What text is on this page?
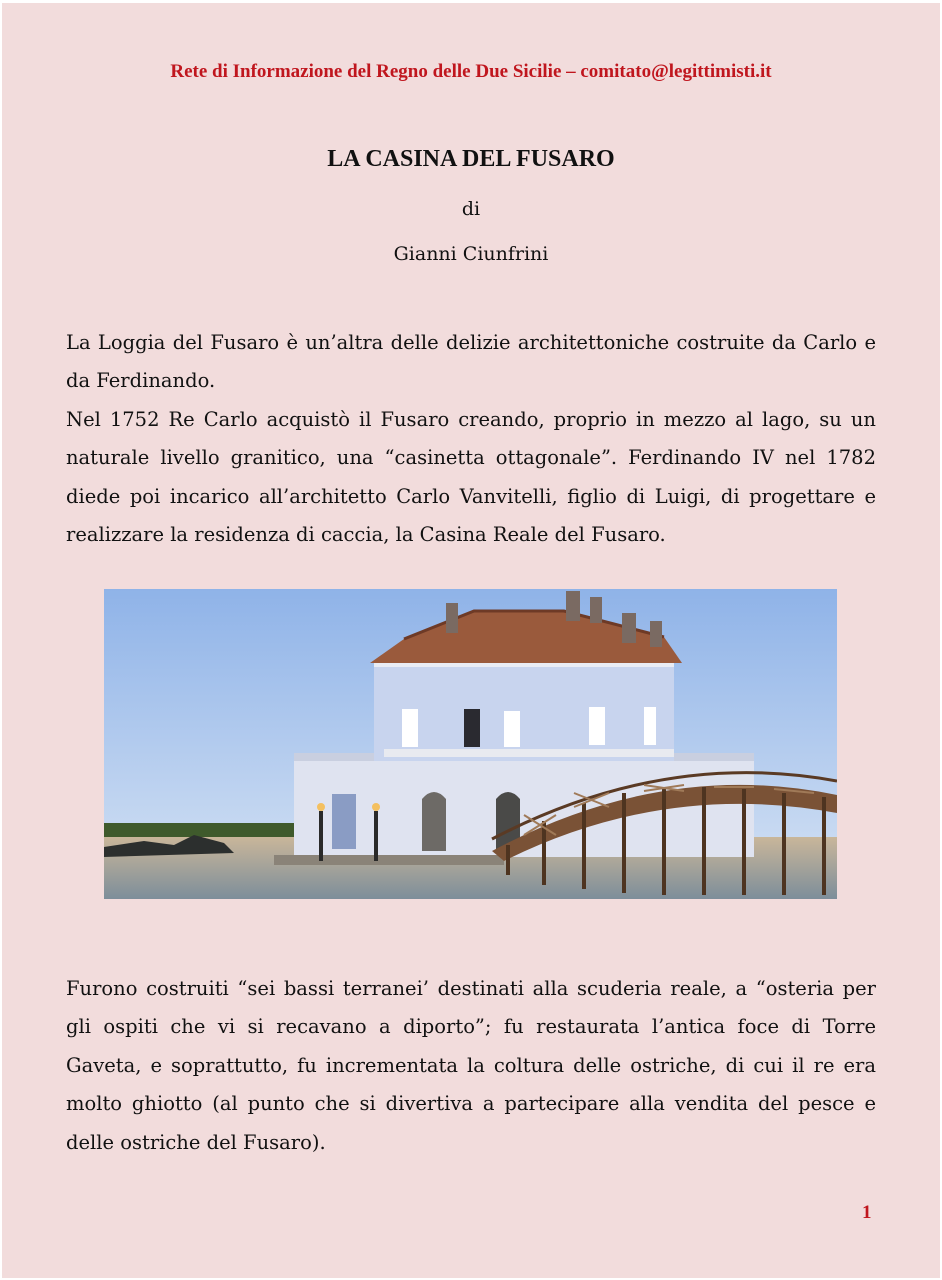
Rete di Informazione del Regno delle Due Sicilie – comitato@legittimisti.it
LA CASINA DEL FUSARO
di
Gianni Ciunfrini
La Loggia del Fusaro è un’altra delle delizie architettoniche costruite da Carlo e da Ferdinando.
Nel 1752 Re Carlo acquistò il Fusaro creando, proprio in mezzo al lago, su un naturale livello granitico, una “casinetta ottagonale”. Ferdinando IV nel 1782 diede poi incarico all’architetto Carlo Vanvitelli, figlio di Luigi, di progettare e realizzare la residenza di caccia, la Casina Reale del Fusaro.
Furono costruiti “sei bassi terranei’ destinati alla scuderia reale, a “osteria per gli ospiti che vi si recavano a diporto”; fu restaurata l’antica foce di Torre Gaveta, e soprattutto, fu incrementata la coltura delle ostriche, di cui il re era molto ghiotto (al punto che si divertiva a partecipare alla vendita del pesce e delle ostriche del Fusaro).
1
